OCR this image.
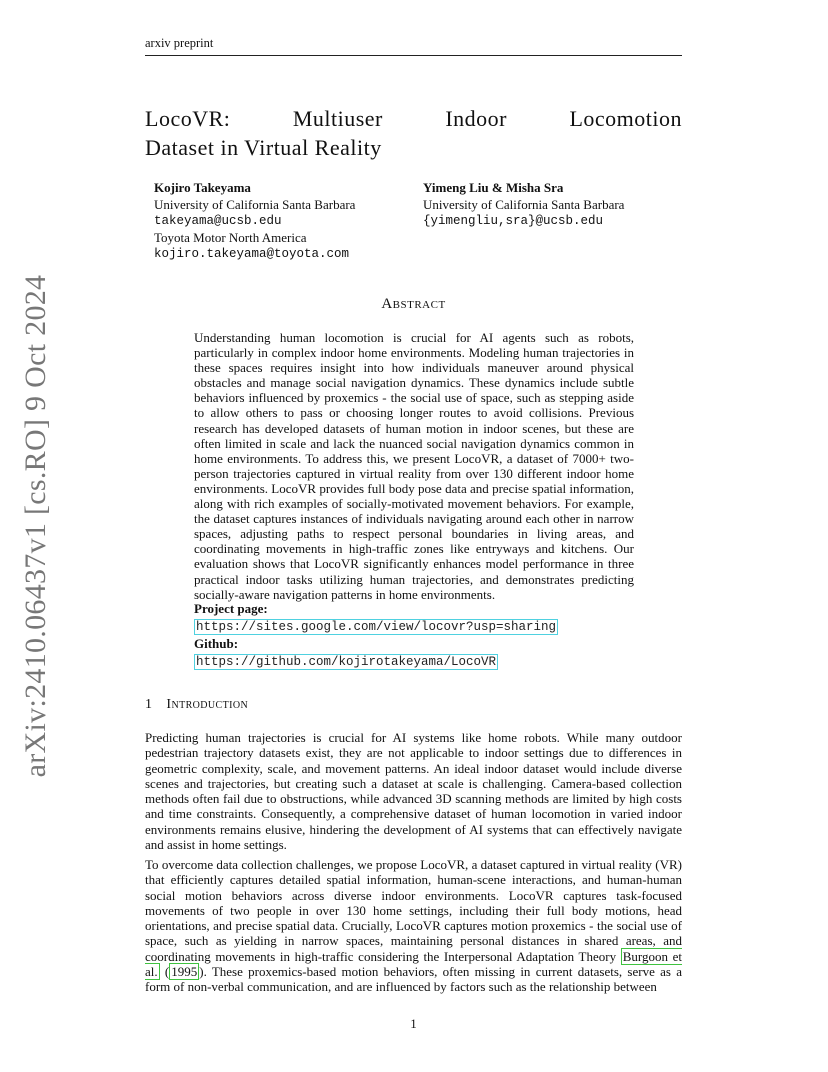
arxiv preprint
arXiv:2410.06437v1 [cs.RO] 9 Oct 2024
LocoVR: Multiuser Indoor Locomotion
Dataset in Virtual Reality
Kojiro Takeyama
University of California Santa Barbara
takeyama@ucsb.edu
Toyota Motor North America
kojiro.takeyama@toyota.com
Yimeng Liu & Misha Sra
University of California Santa Barbara
{yimengliu,sra}@ucsb.edu
Abstract

Understanding human locomotion is crucial for AI agents such as robots, particularly in complex indoor home environments. Modeling human trajectories in these spaces requires insight into how individuals maneuver around physical obstacles and manage social navigation dynamics. These dynamics include subtle behaviors influenced by proxemics - the social use of space, such as stepping aside to allow others to pass or choosing longer routes to avoid collisions. Previous research has developed datasets of human motion in indoor scenes, but these are often limited in scale and lack the nuanced social navigation dynamics common in home environments. To address this, we present LocoVR, a dataset of 7000+ two-person trajectories captured in virtual reality from over 130 different indoor home environments. LocoVR provides full body pose data and precise spatial information, along with rich examples of socially-motivated movement behaviors. For example, the dataset captures instances of individuals navigating around each other in narrow spaces, adjusting paths to respect personal boundaries in living areas, and coordinating movements in high-traffic zones like entryways and kitchens. Our evaluation shows that LocoVR significantly enhances model performance in three practical indoor tasks utilizing human trajectories, and demonstrates predicting socially-aware navigation patterns in home environments.

Project page:
https://sites.google.com/view/locovr?usp=sharing
Github:
https://github.com/kojirotakeyama/LocoVR
1 Introduction

Predicting human trajectories is crucial for AI systems like home robots. While many outdoor pedestrian trajectory datasets exist, they are not applicable to indoor settings due to differences in geometric complexity, scale, and movement patterns. An ideal indoor dataset would include diverse scenes and trajectories, but creating such a dataset at scale is challenging. Camera-based collection methods often fail due to obstructions, while advanced 3D scanning methods are limited by high costs and time constraints. Consequently, a comprehensive dataset of human locomotion in varied indoor environments remains elusive, hindering the development of AI systems that can effectively navigate and assist in home settings.

To overcome data collection challenges, we propose LocoVR, a dataset captured in virtual reality (VR) that efficiently captures detailed spatial information, human-scene interactions, and human-human social motion behaviors across diverse indoor environments. LocoVR captures task-focused movements of two people in over 130 home settings, including their full body motions, head orientations, and precise spatial data. Crucially, LocoVR captures motion proxemics - the social use of space, such as yielding in narrow spaces, maintaining personal distances in shared areas, and coordinating movements in high-traffic considering the Interpersonal Adaptation Theory Burgoon et al. ( 1995 ). These proxemics-based motion behaviors, often missing in current datasets, serve as a form of non-verbal communication, and are influenced by factors such as the relationship between

1
